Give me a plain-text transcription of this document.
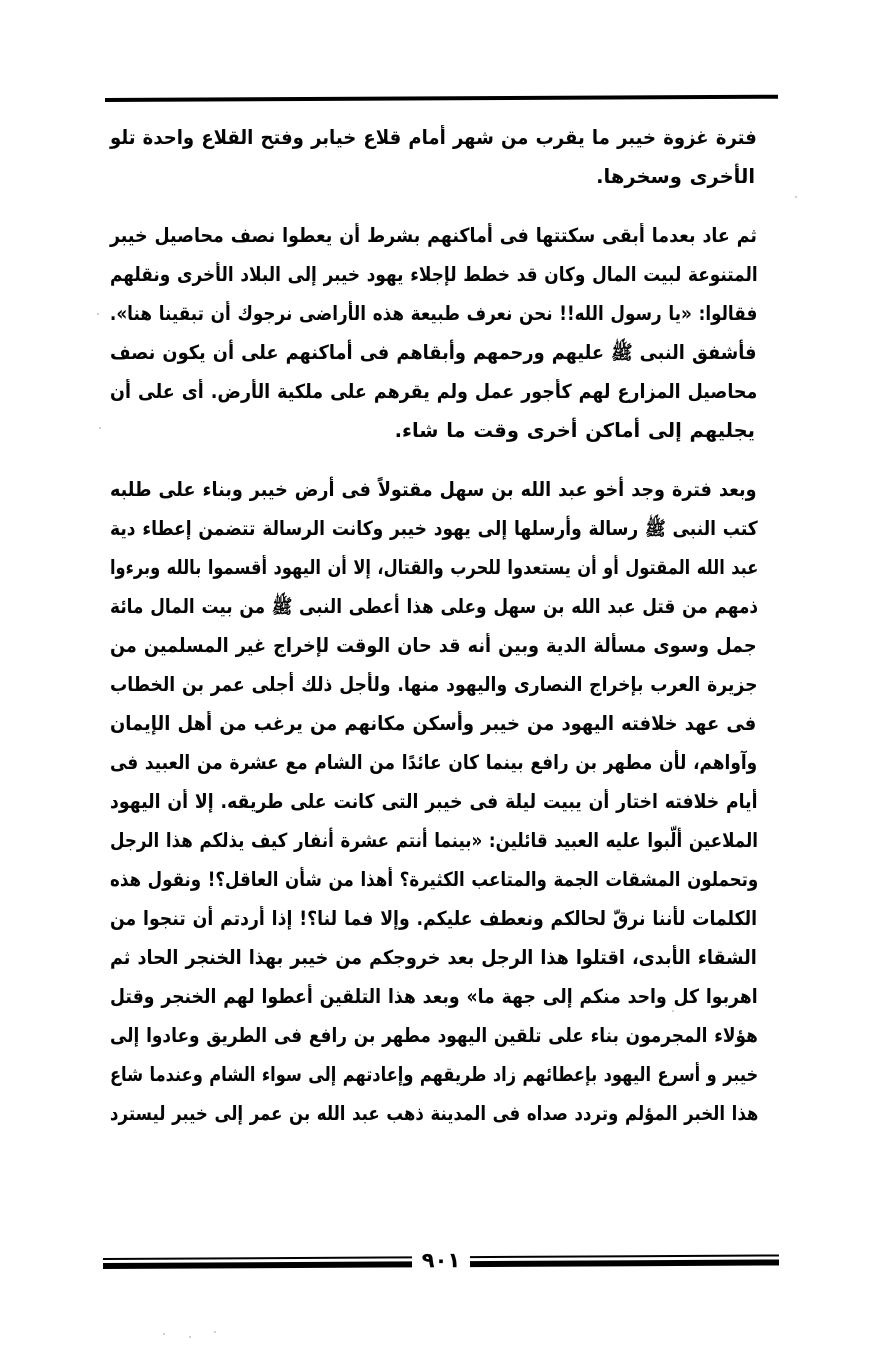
فترة غزوة خيبر ما يقرب من شهر أمام قلاع خيابر وفتح القلاع واحدة تلو
الأخرى وسخرها.

ثم عاد بعدما أبقى سكتتها فى أماكنهم بشرط أن يعطوا نصف محاصيل خيبر
المتنوعة لبيت المال وكان قد خطط لإجلاء يهود خيبر إلى البلاد الأخرى ونقلهم
فقالوا: «يا رسول الله!! نحن نعرف طبيعة هذه الأراضى نرجوك أن تبقينا هنا».
فأشفق النبى ﷺ عليهم ورحمهم وأبقاهم فى أماكنهم على أن يكون نصف
محاصيل المزارع لهم كأجور عمل ولم يقرهم على ملكية الأرض. أى على أن
يجليهم إلى أماكن أخرى وقت ما شاء.

وبعد فترة وجد أخو عبد الله بن سهل مقتولاً فى أرض خيبر وبناء على طلبه
كتب النبى ﷺ رسالة وأرسلها إلى يهود خيبر وكانت الرسالة تتضمن إعطاء دية
عبد الله المقتول أو أن يستعدوا للحرب والقتال، إلا أن اليهود أقسموا بالله وبرءوا
ذمهم من قتل عبد الله بن سهل وعلى هذا أعطى النبى ﷺ من بيت المال مائة
جمل وسوى مسألة الدية وبين أنه قد حان الوقت لإخراج غير المسلمين من
جزيرة العرب بإخراج النصارى واليهود منها. ولأجل ذلك أجلى عمر بن الخطاب
فى عهد خلافته اليهود من خيبر وأسكن مكانهم من يرغب من أهل الإيمان
وآواهم، لأن مطهر بن رافع بينما كان عائدًا من الشام مع عشرة من العبيد فى
أيام خلافته اختار أن يبيت ليلة فى خيبر التى كانت على طريقه. إلا أن اليهود
الملاعين ألّبوا عليه العبيد قائلين: «بينما أنتم عشرة أنفار كيف يذلكم هذا الرجل
وتحملون المشقات الجمة والمتاعب الكثيرة؟ أهذا من شأن العاقل؟! ونقول هذه
الكلمات لأننا نرقّ لحالكم ونعطف عليكم. وإلا فما لنا؟! إذا أردتم أن تنجوا من
الشقاء الأبدى، اقتلوا هذا الرجل بعد خروجكم من خيبر بهذا الخنجر الحاد ثم
اهربوا كل واحد منكم إلى جهة ما» وبعد هذا التلقين أعطوا لهم الخنجر وقتل
هؤلاء المجرمون بناء على تلقين اليهود مطهر بن رافع فى الطريق وعادوا إلى
خيبر و أسرع اليهود بإعطائهم زاد طريقهم وإعادتهم إلى سواء الشام وعندما شاع
هذا الخبر المؤلم وتردد صداه فى المدينة ذهب عبد الله بن عمر إلى خيبر ليسترد

٩٠١
